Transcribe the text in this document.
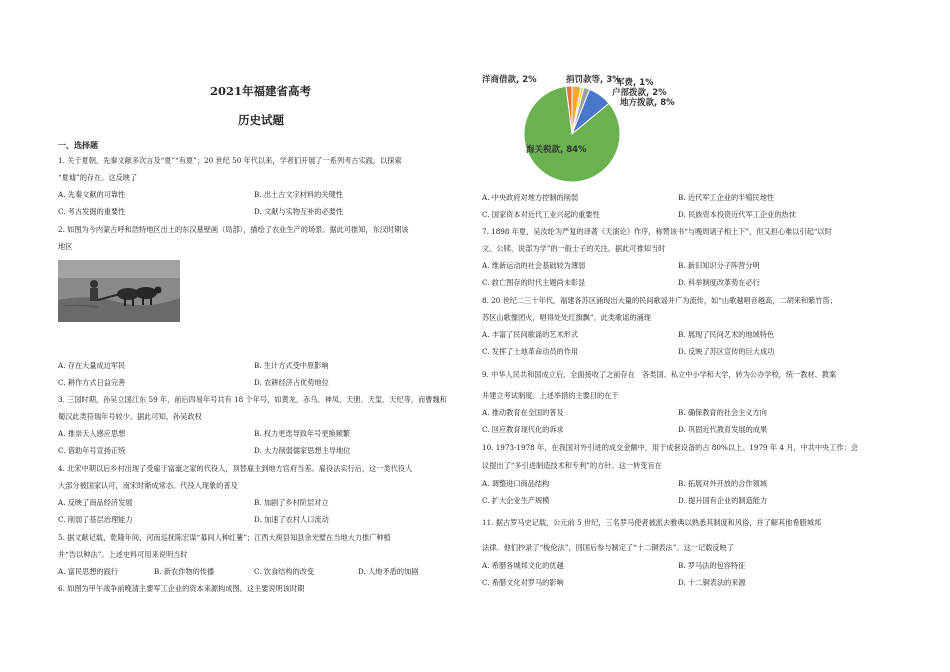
2021年福建省高考
历史试题
一、选择题
1. 关于夏朝，先秦文献多次言及“夏”“有夏”；20 世纪 50 年代以来，学者们开展了一系列考古实践，以探索
“夏墟”的存在。这反映了
A. 先秦文献的可靠性	B. 出土古文字材料的关键性
C. 考古发掘的重要性	D. 文献与实物互补的必要性
2. 如图为今内蒙古呼和浩特地区出土的东汉墓壁画（局部），描绘了农业生产的场景。据此可推知，东汉时期该
地区
A. 存在大量成边军民	B. 生计方式受中原影响
C. 耕作方式日益完善	D. 农耕经济占优势地位
3. 三国时期，孙吴立国江东 59 年，前后四易年号共有 18 个年号，如黄龙、赤乌、神凤、天册、天玺、天纪等，而曹魏和
蜀汉此类符瑞年号较少。据此可知，孙吴政权
A. 推崇天人感应思想	B. 权力更迭导致年号更换频繁
C. 借助年号宣扬正统	D. 大力削弱儒家思想主导地位
4. 北宋中期以后乡村出现了受雇于富豪之家的代役人，顶替雇主到地方官府当差。雇役法实行后，这一类代役人
大部分被国家认可，南宋时渐成常态。代役人现象的普及
A. 反映了商品经济发展	B. 加剧了乡村阶层对立
C. 削弱了基层治理能力	D. 加速了农村人口流动
5. 据文献记载，乾隆年间，河南巡抚陈宏谋“募间人种红薯”；江西大庾县知县余光璧在当地大力推广种植
并“告以种法”。上述史料可用来说明当时
A. 富民思想的践行	B. 新农作物的传播	C. 饮食结构的改变	D. 人地矛盾的加剧
6. 如图为甲午战争前晚清主要军工企业的资本来源构成图。这主要说明该时期
洋商借款, 2%	捐罚款等, 3%
军费, 1%
户部拨款, 2%
地方拨款, 8%
海关税款, 84%
A. 中央政府对地方控制的削弱	B. 近代军工企业的半殖民地性
C. 国家资本对近代工业兴起的重要性	D. 民族资本投资近代军工企业的热忱
7. 1898 年夏，吴汝纶为严复的译著《天演论》作序，称赞该书“与晚周诸子相上下”，但又担心难以引起“以时
文、公牍、说部为学”的一般士子的关注。据此可推知当时
A. 维新运动的社会基础较为薄弱	B. 新旧知识分子阵营分明
C. 救亡图存的时代主题尚未彰显	D. 科举制度改革势在必行
8. 20 世纪二三十年代，福建各苏区涌现出大量的民间歌谣并广为流传，如“山歌越唱音越高，二胡来和紫竹笛；
苏区山歌像团火，唱得处处红旗飘”。此类歌谣的涌现
A. 丰富了民间歌谣的艺术形式	B. 展现了民间艺术的地域特色
C. 发挥了土地革命动员的作用	D. 反映了苏区宣传的巨大成功
9. 中华人民共和国成立后，全面接收了之前存在　各类国、私立中小学和大学，转为公办学校，统一教材、教案
并建立考试制度。上述举措的主要目的在于
A. 推动教育在全国的普及	B. 确保教育的社会主义方向
C. 回应教育现代化的诉求	D. 巩固近代教育发展的成果
10. 1973-1978 年，在我国对外引进的成交金额中，用于成套设备的占 80%以上。1979 年 4 月，中共中央工作：会
议提出了“多引进制造技术和专利”的方针。这一转变旨在
A. 调整进口商品结构	B. 拓展对外开放的合作领域
C. 扩大企业生产规模	D. 提升国有企业的制造能力
11. 据古罗马史记载，公元前 5 世纪，三名罗马使者被派去雅典以熟悉其制度和风俗，并了解其他希腊城邦
法律。他们抄录了“梭伦法”，回国后参与制定了“十二铜表法”。这一记载反映了
A. 希腊各城邦文化的优越	B. 罗马法的包容特征
C. 希腊文化对罗马的影响	D. 十二铜表法的来源
